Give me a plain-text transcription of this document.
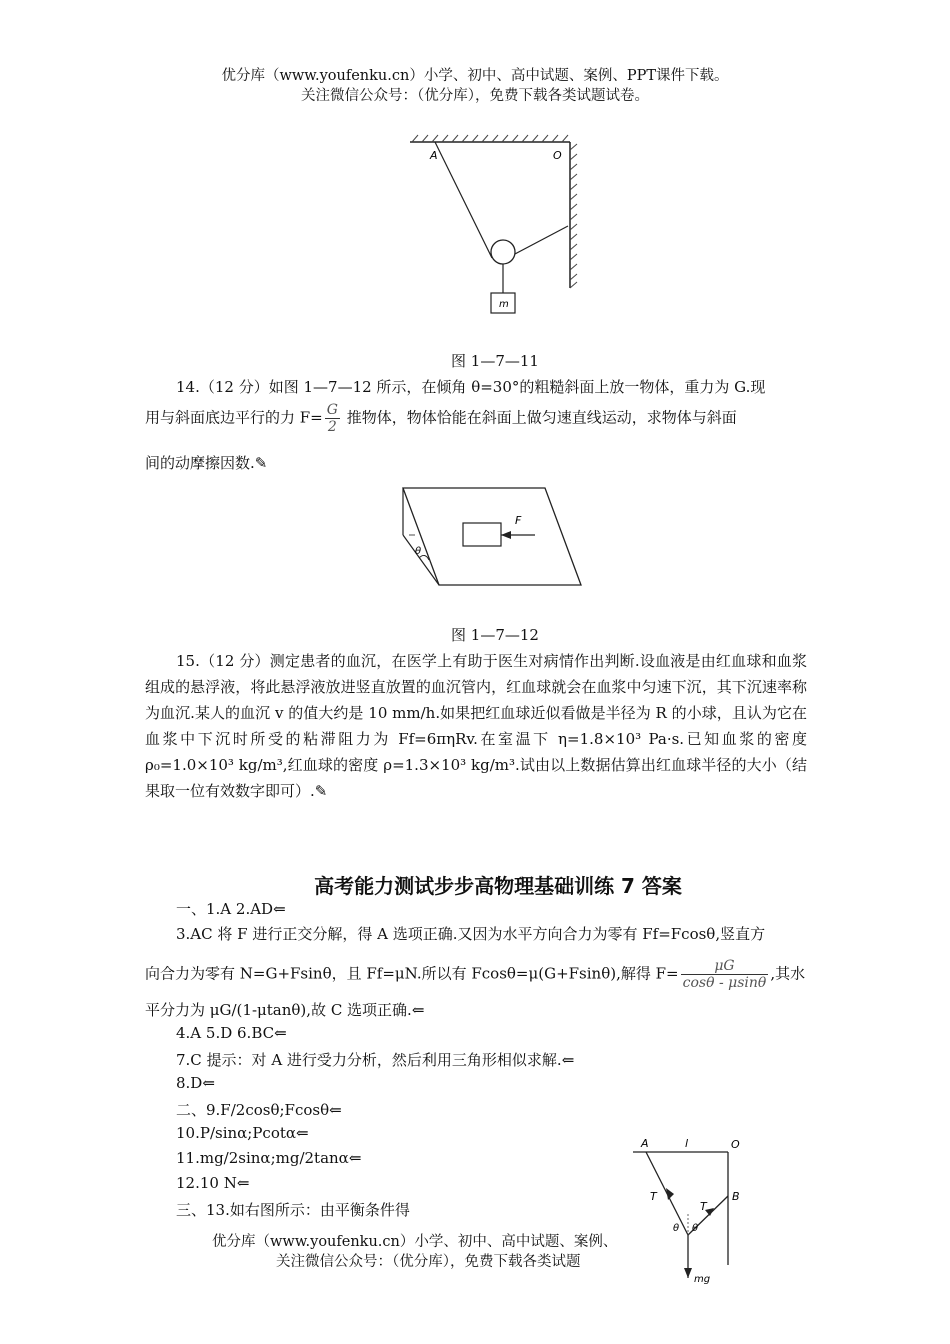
优分库（www.youfenku.cn）小学、初中、高中试题、案例、PPT课件下载。
关注微信公众号：（优分库），免费下载各类试题试卷。
A	O
m
图 1—7—11
14.（12 分）如图 1—7—12 所示，在倾角 θ=30°的粗糙斜面上放一物体，重力为 G.现
用与斜面底边平行的力 $F= \frac{G}{2}$ 推物体，物体恰能在斜面上做匀速直线运动，求物体与斜面
间的动摩擦因数.✎
F
θ
图 1—7—12
15.（12 分）测定患者的血沉，在医学上有助于医生对病情作出判断.设血液是由红血球和血浆组成的悬浮液，将此悬浮液放进竖直放置的血沉管内，红血球就会在血浆中匀速下沉，其下沉速率称为血沉.某人的血沉 v 的值大约是 10 mm/h.如果把红血球近似看做是半径为 R 的小球，且认为它在血浆中下沉时所受的粘滞阻力为 Ff=6πηRv.在室温下 η=1.8×10³ Pa·s.已知血浆的密度 ρ₀=1.0×10³ kg/m³,红血球的密度 ρ=1.3×10³ kg/m³.试由以上数据估算出红血球半径的大小（结果取一位有效数字即可）.✎
高考能力测试步步高物理基础训练 7 答案
一、1.A 2.AD⇐
3.AC 将 F 进行正交分解，得 A 选项正确.又因为水平方向合力为零有 Ff=Fcosθ,竖直方
向合力为零有 N=G+Fsinθ，且 Ff=μN.所以有 Fcosθ=μ(G+Fsinθ),解得 $F= \frac{\mu G}{\cos\theta - \mu\sin\theta}$ ,其水
平分力为 μG/(1-μtanθ),故 C 选项正确.⇐
4.A 5.D 6.BC⇐
7.C 提示：对 A 进行受力分析，然后利用三角形相似求解.⇐
8.D⇐
二、9.F/2cosθ;Fcosθ⇐
10.P/sinα;Pcotα⇐
11.mg/2sinα;mg/2tanα⇐
12.10 N⇐
三、13.如右图所示：由平衡条件得
优分库（www.youfenku.cn）小学、初中、高中试题、案例、
关注微信公众号：（优分库），免费下载各类试题
A	l	O
B
T
T
θ θ
mg
